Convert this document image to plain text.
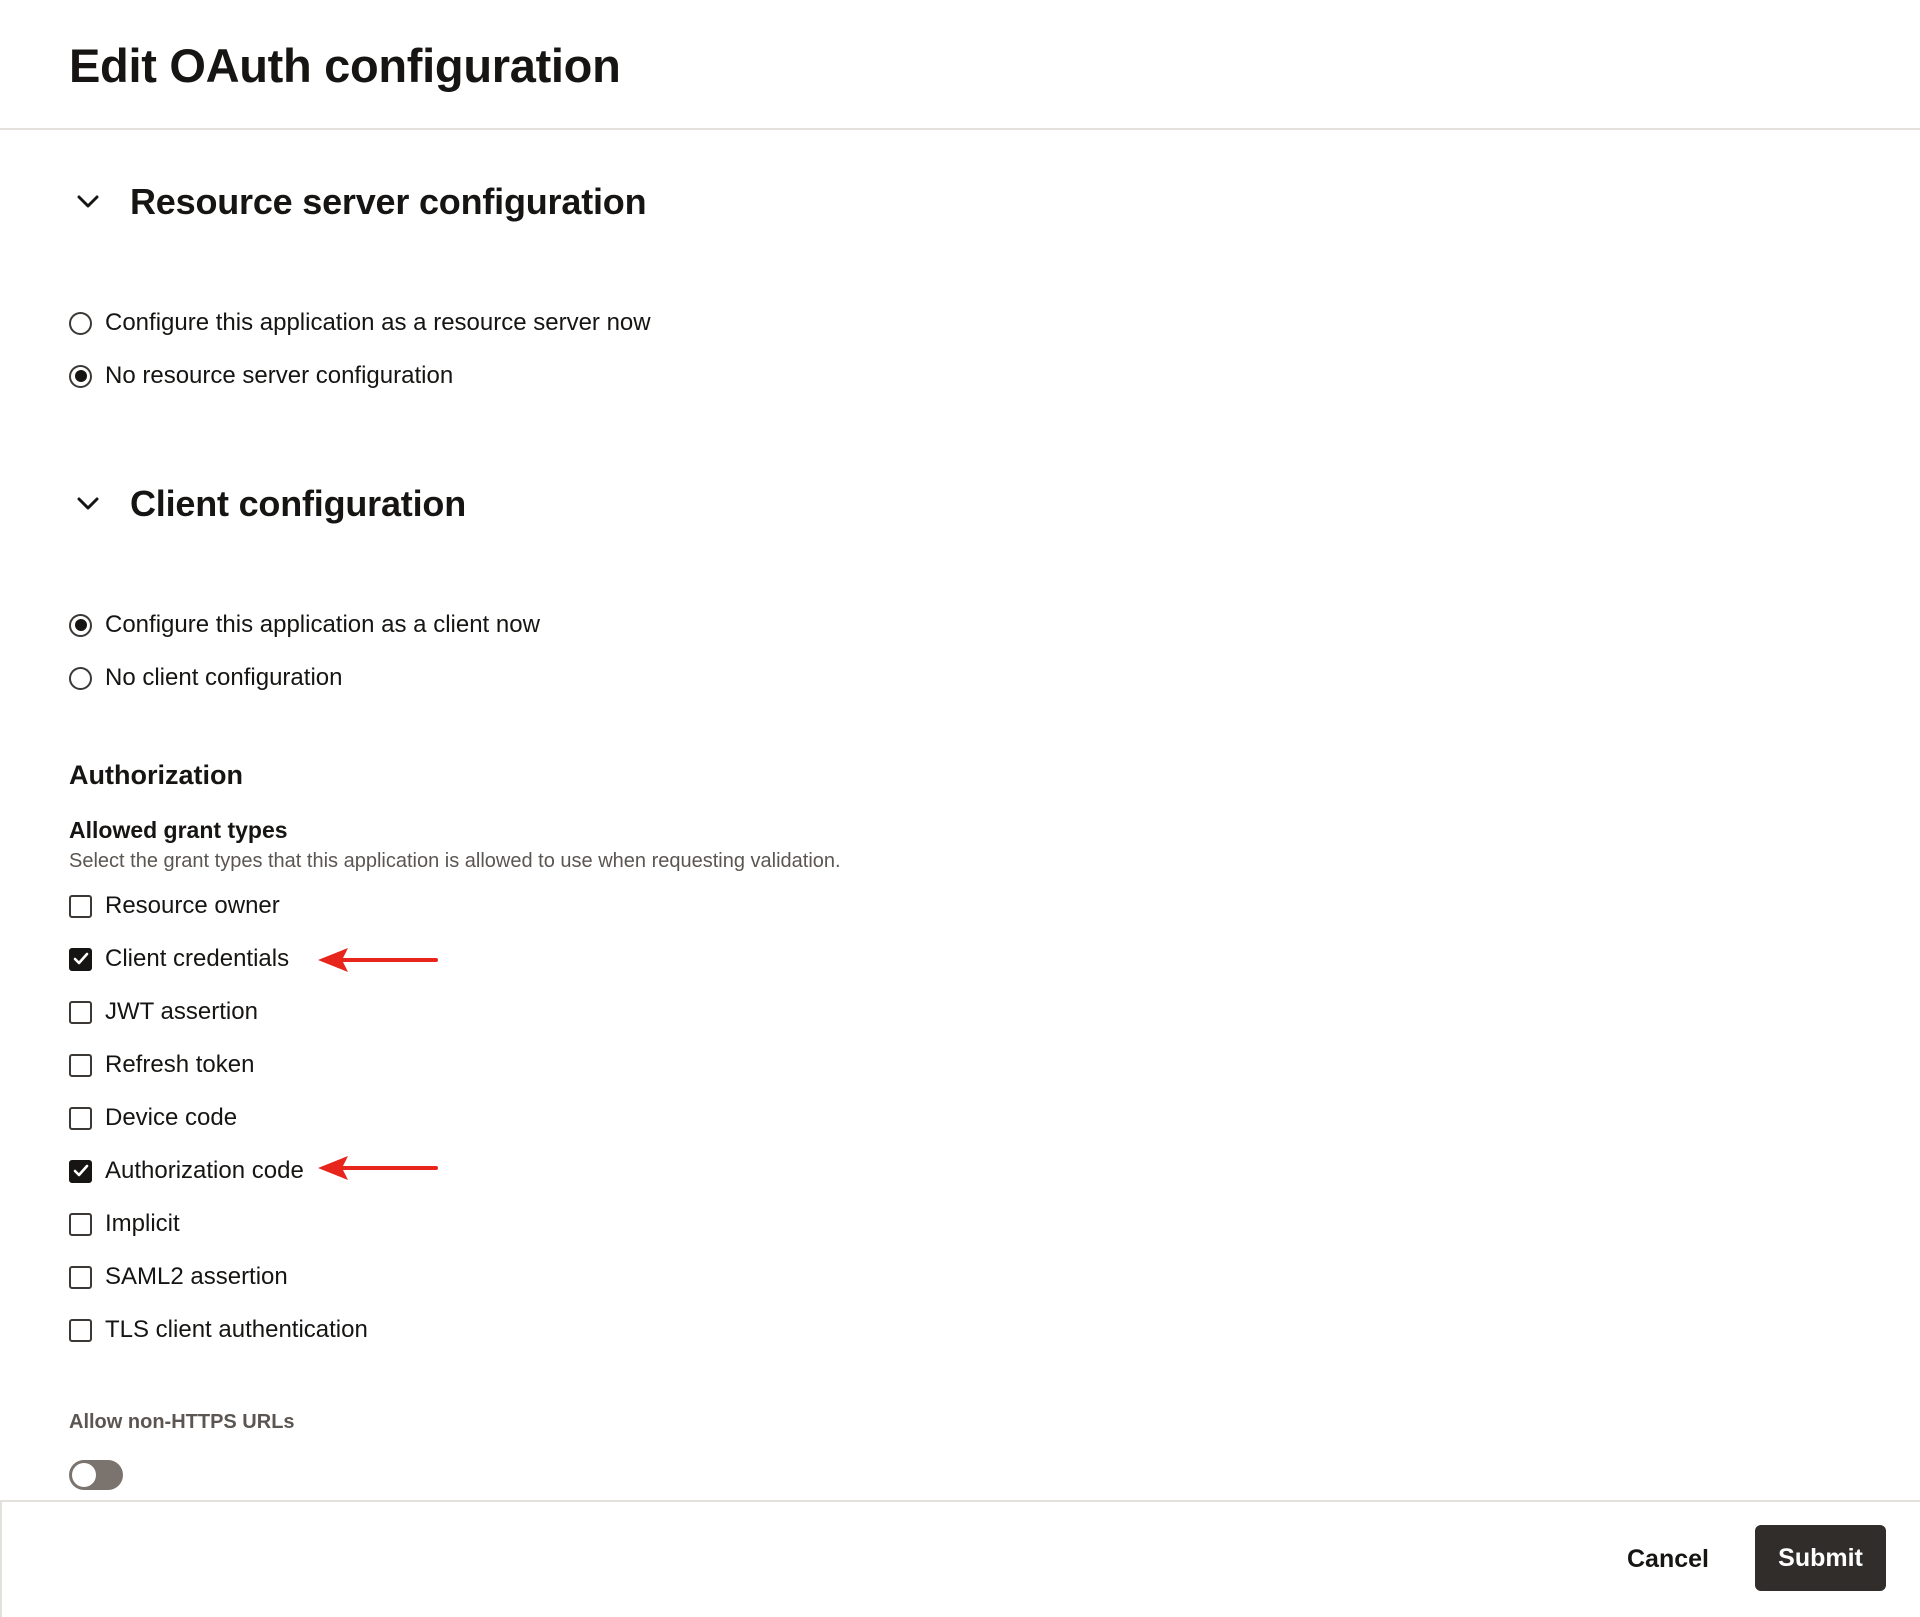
Edit OAuth configuration
Resource server configuration
Configure this application as a resource server now
No resource server configuration
Client configuration
Configure this application as a client now
No client configuration
Authorization
Allowed grant types
Select the grant types that this application is allowed to use when requesting validation.
Resource owner
Client credentials
JWT assertion
Refresh token
Device code
Authorization code
Implicit
SAML2 assertion
TLS client authentication
Allow non-HTTPS URLs
Cancel	Submit
